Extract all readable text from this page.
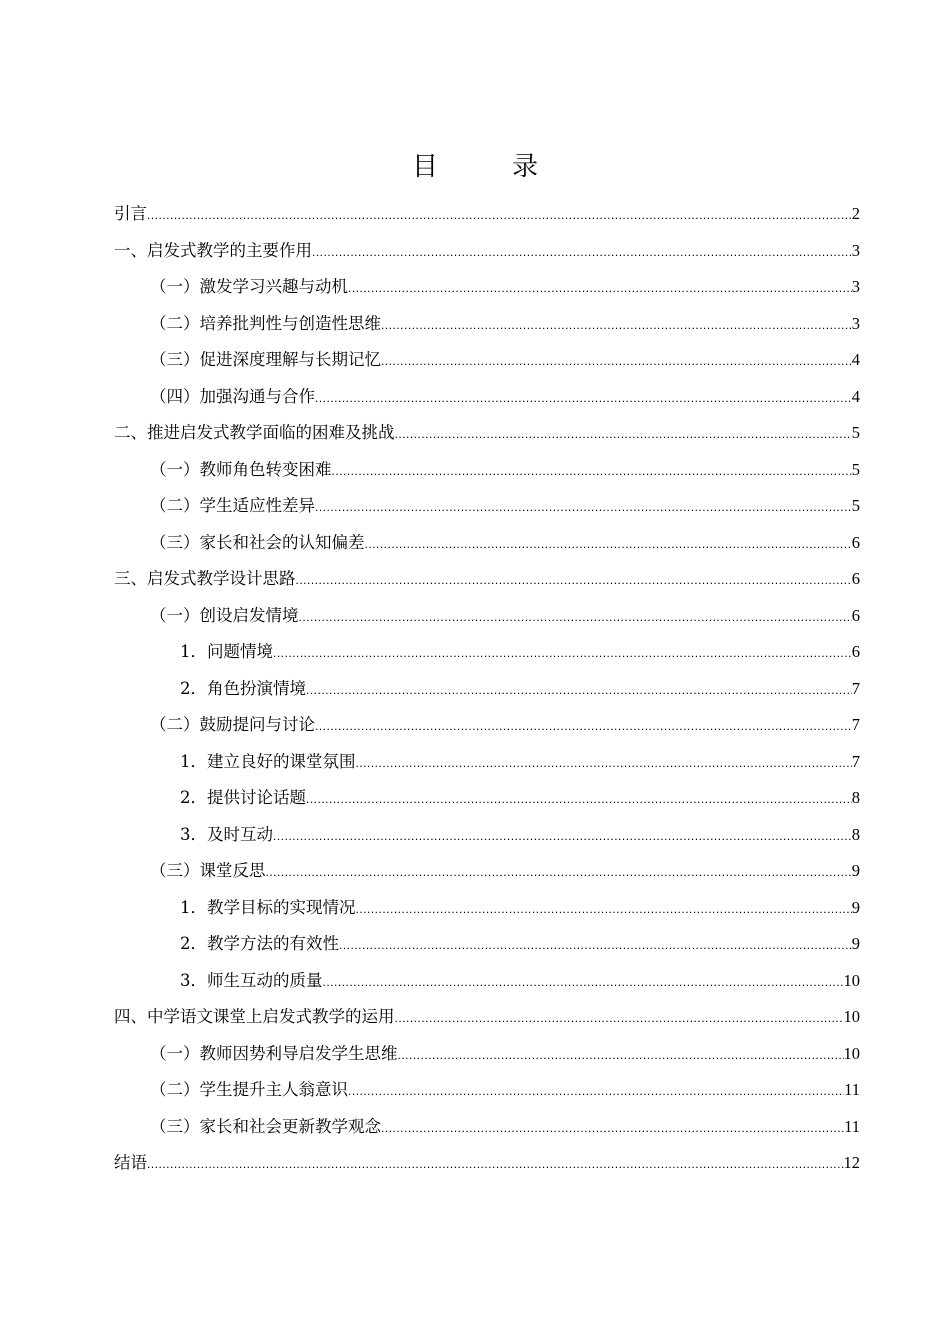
目　录
引言 .....	2
一、启发式教学的主要作用 .....	3
（一）激发学习兴趣与动机 .....	3
（二）培养批判性与创造性思维 .....	3
（三）促进深度理解与长期记忆 .....	4
（四）加强沟通与合作 .....	4
二、推进启发式教学面临的困难及挑战 .....	5
（一）教师角色转变困难 .....	5
（二）学生适应性差异 .....	5
（三）家长和社会的认知偏差 .....	6
三、启发式教学设计思路 .....	6
（一）创设启发情境 .....	6
1．问题情境 .....	6
2．角色扮演情境 .....	7
（二）鼓励提问与讨论 .....	7
1．建立良好的课堂氛围 .....	7
2．提供讨论话题 .....	8
3．及时互动 .....	8
（三）课堂反思 .....	9
1．教学目标的实现情况 .....	9
2．教学方法的有效性 .....	9
3．师生互动的质量 .....	10
四、中学语文课堂上启发式教学的运用 .....	10
（一）教师因势利导启发学生思维 .....	10
（二）学生提升主人翁意识 .....	11
（三）家长和社会更新教学观念 .....	11
结语 .....	12
